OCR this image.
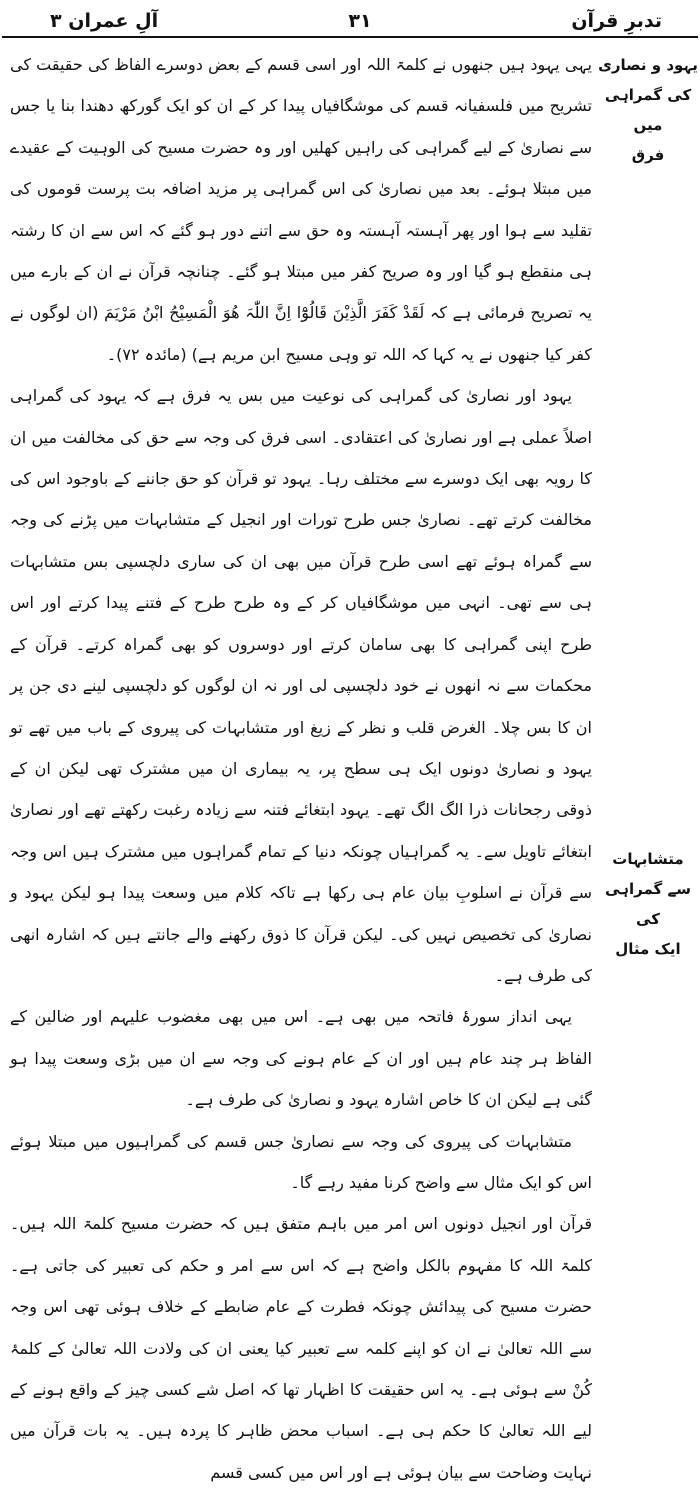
تدبرِ قرآن
۳۱
آلِ عمران ۳
یہود و نصاری
کی گمراہی میں
فرق
متشابہات
سے گمراہی کی
ایک مثال

یہی یہود ہیں جنھوں نے کلمۃ اللہ اور اسی قسم کے بعض دوسرے الفاظ کی حقیقت کی تشریح میں فلسفیانہ قسم کی موشگافیاں پیدا کر کے ان کو ایک گورکھ دھندا بنا یا جس سے نصاریٰ کے لیے گمراہی کی راہیں کھلیں اور وہ حضرت مسیح کی الوہیت کے عقیدے میں مبتلا ہوئے۔ بعد میں نصاریٰ کی اس گمراہی پر مزید اضافہ بت پرست قوموں کی تقلید سے ہوا اور پھر آہستہ آہستہ وہ حق سے اتنے دور ہو گئے کہ اس سے ان کا رشتہ ہی منقطع ہو گیا اور وہ صریح کفر میں مبتلا ہو گئے۔ چنانچہ قرآن نے ان کے بارے میں یہ تصریح فرمائی ہے کہ لَقَدْ کَفَرَ الَّذِیْنَ قَالُوْٓا اِنَّ اللّٰہَ ھُوَ الْمَسِیْحُ ابْنُ مَرْیَمَ (ان لوگوں نے کفر کیا جنھوں نے یہ کہا کہ اللہ تو وہی مسیح ابن مریم ہے) (مائدہ ۷۲)۔

یہود اور نصاریٰ کی گمراہی کی نوعیت میں بس یہ فرق ہے کہ یہود کی گمراہی اصلاً عملی ہے اور نصاریٰ کی اعتقادی۔ اسی فرق کی وجہ سے حق کی مخالفت میں ان کا رویہ بھی ایک دوسرے سے مختلف رہا۔ یہود تو قرآن کو حق جاننے کے باوجود اس کی مخالفت کرتے تھے۔ نصاریٰ جس طرح تورات اور انجیل کے متشابہات میں پڑنے کی وجہ سے گمراہ ہوئے تھے اسی طرح قرآن میں بھی ان کی ساری دلچسپی بس متشابہات ہی سے تھی۔ انہی میں موشگافیاں کر کے وہ طرح طرح کے فتنے پیدا کرتے اور اس طرح اپنی گمراہی کا بھی سامان کرتے اور دوسروں کو بھی گمراہ کرتے۔ قرآن کے محکمات سے نہ انھوں نے خود دلچسپی لی اور نہ ان لوگوں کو دلچسپی لینے دی جن پر ان کا بس چلا۔ الغرض قلب و نظر کے زیغ اور متشابہات کی پیروی کے باب میں تھے تو یہود و نصاریٰ دونوں ایک ہی سطح پر، یہ بیماری ان میں مشترک تھی لیکن ان کے ذوقی رجحانات ذرا الگ الگ تھے۔ یہود ابتغائے فتنہ سے زیادہ رغبت رکھتے تھے اور نصاریٰ ابتغائے تاویل سے۔ یہ گمراہیاں چونکہ دنیا کے تمام گمراہوں میں مشترک ہیں اس وجہ سے قرآن نے اسلوبِ بیان عام ہی رکھا ہے تاکہ کلام میں وسعت پیدا ہو لیکن یہود و نصاریٰ کی تخصیص نہیں کی۔ لیکن قرآن کا ذوق رکھنے والے جانتے ہیں کہ اشارہ انھی کی طرف ہے۔

یہی انداز سورۂ فاتحہ میں بھی ہے۔ اس میں بھی مغضوب علیہم اور ضالین کے الفاظ ہر چند عام ہیں اور ان کے عام ہونے کی وجہ سے ان میں بڑی وسعت پیدا ہو گئی ہے لیکن ان کا خاص اشارہ یہود و نصاریٰ کی طرف ہے۔

متشابہات کی پیروی کی وجہ سے نصاریٰ جس قسم کی گمراہیوں میں مبتلا ہوئے اس کو ایک مثال سے واضح کرنا مفید رہے گا۔

قرآن اور انجیل دونوں اس امر میں باہم متفق ہیں کہ حضرت مسیح کلمۃ اللہ ہیں۔ کلمۃ اللہ کا مفہوم بالکل واضح ہے کہ اس سے امر و حکم کی تعبیر کی جاتی ہے۔ حضرت مسیح کی پیدائش چونکہ فطرت کے عام ضابطے کے خلاف ہوئی تھی اس وجہ سے اللہ تعالیٰ نے ان کو اپنے کلمہ سے تعبیر کیا یعنی ان کی ولادت اللہ تعالیٰ کے کلمۂ کُنْ سے ہوئی ہے۔ یہ اس حقیقت کا اظہار تھا کہ اصل شے کسی چیز کے واقع ہونے کے لیے اللہ تعالیٰ کا حکم ہی ہے۔ اسباب محض ظاہر کا پردہ ہیں۔ یہ بات قرآن میں نہایت وضاحت سے بیان ہوئی ہے اور اس میں کسی قسم
